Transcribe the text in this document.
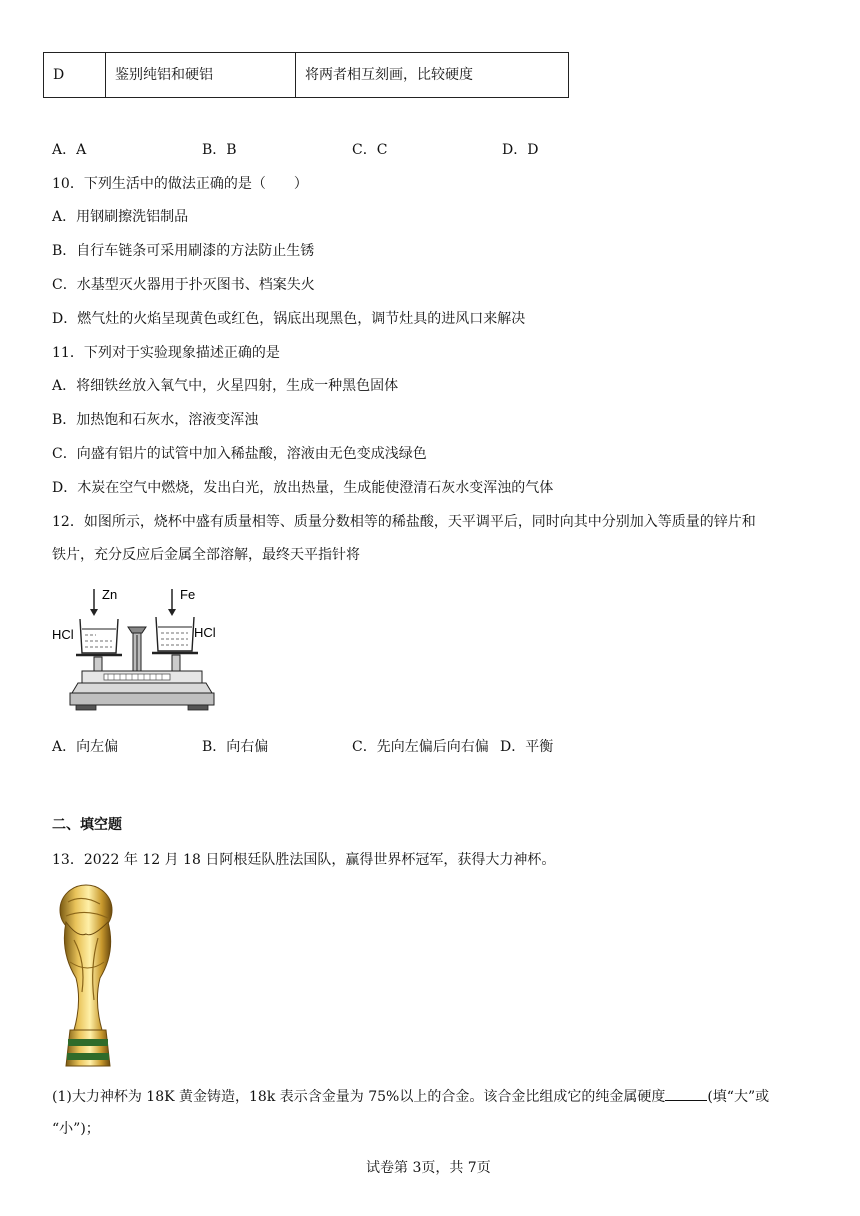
D	鉴别纯铝和硬铝	将两者相互刻画，比较硬度
A．A	B．B	C．C	D．D
10．下列生活中的做法正确的是（　　）
A．用钢刷擦洗铝制品
B．自行车链条可采用刷漆的方法防止生锈
C．水基型灭火器用于扑灭图书、档案失火
D．燃气灶的火焰呈现黄色或红色，锅底出现黑色，调节灶具的进风口来解决
11．下列对于实验现象描述正确的是
A．将细铁丝放入氧气中，火星四射，生成一种黑色固体
B．加热饱和石灰水，溶液变浑浊
C．向盛有铝片的试管中加入稀盐酸，溶液由无色变成浅绿色
D．木炭在空气中燃烧，发出白光，放出热量，生成能使澄清石灰水变浑浊的气体
12．如图所示，烧杯中盛有质量相等、质量分数相等的稀盐酸，天平调平后，同时向其中分别加入等质量的锌片和
铁片，充分反应后金属全部溶解，最终天平指针将
Zn	Fe
HCl	HCl
A．向左偏	B．向右偏	C．先向左偏后向右偏 D．平衡
二、填空题
13．2022 年 12 月 18 日阿根廷队胜法国队，赢得世界杯冠军，获得大力神杯。
(1)大力神杯为 18K 黄金铸造，18k 表示含金量为 75%以上的合金。该合金比组成它的纯金属硬度	(填“大”或
“小”)；
试卷第 3页，共 7页
